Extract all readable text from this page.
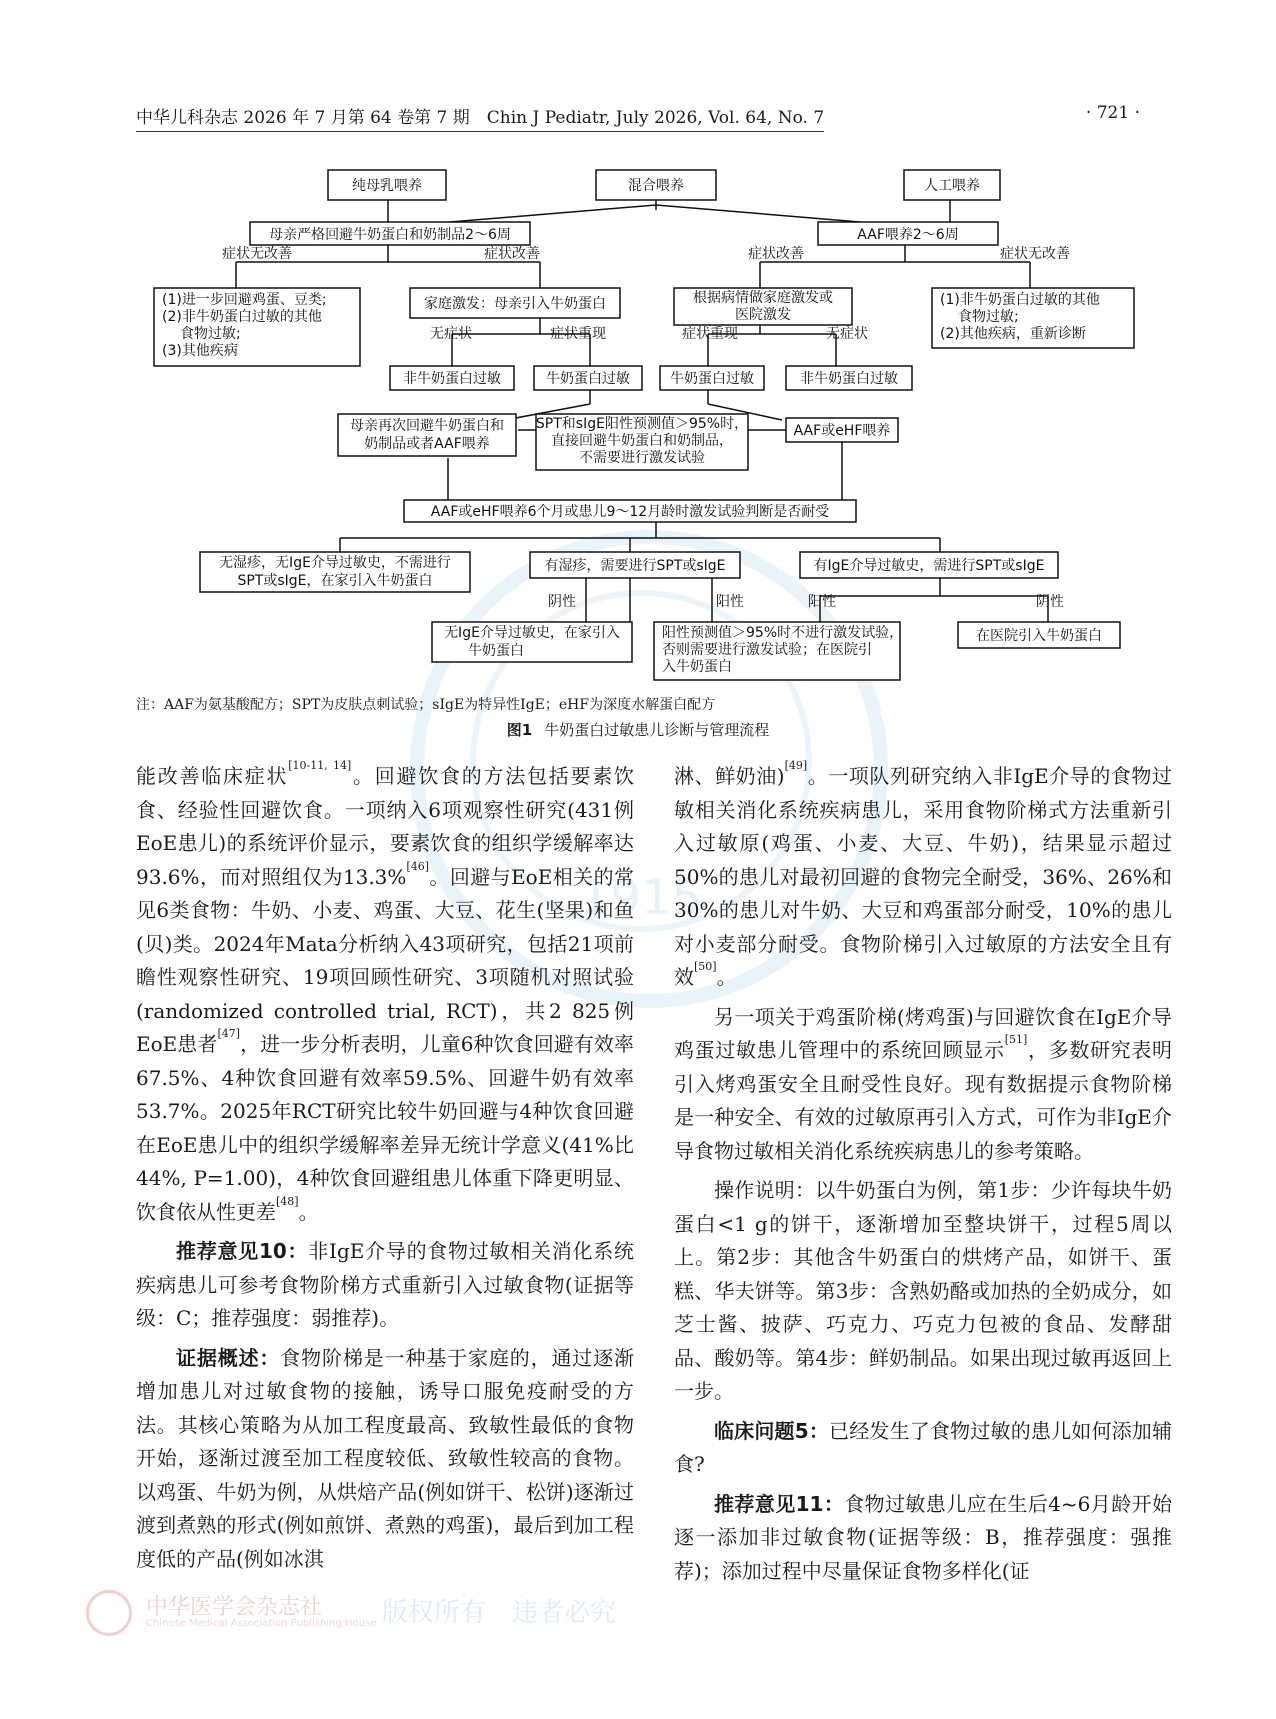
中华儿科杂志 2026 年 7 月第 64 卷第 7 期　Chin J Pediatr, July 2026, Vol. 64, No. 7	· 721 ·
1915
纯母乳喂养	混合喂养	人工喂养
母亲严格回避牛奶蛋白和奶制品2～6周	AAF喂养2～6周
症状无改善	症状改善	症状改善	症状无改善
(1)进一步回避鸡蛋、豆类;
(2)非牛奶蛋白过敏的其他
食物过敏;
(3)其他疾病
家庭激发：母亲引入牛奶蛋白	根据病情做家庭激发或
医院激发
(1)非牛奶蛋白过敏的其他
食物过敏;
(2)其他疾病，重新诊断
无症状	症状重现	症状重现	无症状
非牛奶蛋白过敏	牛奶蛋白过敏	牛奶蛋白过敏	非牛奶蛋白过敏
母亲再次回避牛奶蛋白和
奶制品或者AAF喂养
SPT和sIgE阳性预测值＞95%时，
直接回避牛奶蛋白和奶制品，
不需要进行激发试验
AAF或eHF喂养
AAF或eHF喂养6个月或患儿9～12月龄时激发试验判断是否耐受
无湿疹，无IgE介导过敏史，不需进行
SPT或sIgE，在家引入牛奶蛋白
有湿疹，需要进行SPT或sIgE	有IgE介导过敏史，需进行SPT或sIgE
阴性	阳性	阳性	阴性
无IgE介导过敏史，在家引入
牛奶蛋白
阳性预测值＞95%时不进行激发试验，
否则需要进行激发试验；在医院引
入牛奶蛋白
在医院引入牛奶蛋白
注：AAF为氨基酸配方；SPT为皮肤点刺试验；sIgE为特异性IgE；eHF为深度水解蛋白配方
图1 牛奶蛋白过敏患儿诊断与管理流程

能改善临床症状[10-11, 14]。回避饮食的方法包括要素饮食、经验性回避饮食。一项纳入6项观察性研究(431例EoE患儿)的系统评价显示，要素饮食的组织学缓解率达93.6%，而对照组仅为13.3%[46]。回避与EoE相关的常见6类食物：牛奶、小麦、鸡蛋、大豆、花生(坚果)和鱼(贝)类。2024年Mata分析纳入43项研究，包括21项前瞻性观察性研究、19项回顾性研究、3项随机对照试验(randomized controlled trial, RCT)，共2 825例EoE患者[47]，进一步分析表明，儿童6种饮食回避有效率67.5%、4种饮食回避有效率59.5%、回避牛奶有效率53.7%。2025年RCT研究比较牛奶回避与4种饮食回避在EoE患儿中的组织学缓解率差异无统计学意义(41%比44%, P=1.00)，4种饮食回避组患儿体重下降更明显、饮食依从性更差[48]。

推荐意见10：非IgE介导的食物过敏相关消化系统疾病患儿可参考食物阶梯方式重新引入过敏食物(证据等级：C；推荐强度：弱推荐)。

证据概述：食物阶梯是一种基于家庭的，通过逐渐增加患儿对过敏食物的接触，诱导口服免疫耐受的方法。其核心策略为从加工程度最高、致敏性最低的食物开始，逐渐过渡至加工程度较低、致敏性较高的食物。以鸡蛋、牛奶为例，从烘焙产品(例如饼干、松饼)逐渐过渡到煮熟的形式(例如煎饼、煮熟的鸡蛋)，最后到加工程度低的产品(例如冰淇

淋、鲜奶油)[49]。一项队列研究纳入非IgE介导的食物过敏相关消化系统疾病患儿，采用食物阶梯式方法重新引入过敏原(鸡蛋、小麦、大豆、牛奶)，结果显示超过50%的患儿对最初回避的食物完全耐受，36%、26%和30%的患儿对牛奶、大豆和鸡蛋部分耐受，10%的患儿对小麦部分耐受。食物阶梯引入过敏原的方法安全且有效[50]。

另一项关于鸡蛋阶梯(烤鸡蛋)与回避饮食在IgE介导鸡蛋过敏患儿管理中的系统回顾显示[51]，多数研究表明引入烤鸡蛋安全且耐受性良好。现有数据提示食物阶梯是一种安全、有效的过敏原再引入方式，可作为非IgE介导食物过敏相关消化系统疾病患儿的参考策略。

操作说明：以牛奶蛋白为例，第1步：少许每块牛奶蛋白<1 g的饼干，逐渐增加至整块饼干，过程5周以上。第2步：其他含牛奶蛋白的烘烤产品，如饼干、蛋糕、华夫饼等。第3步：含熟奶酪或加热的全奶成分，如芝士酱、披萨、巧克力、巧克力包被的食品、发酵甜品、酸奶等。第4步：鲜奶制品。如果出现过敏再返回上一步。

临床问题5：已经发生了食物过敏的患儿如何添加辅食?

推荐意见11：食物过敏患儿应在生后4~6月龄开始逐一添加非过敏食物(证据等级：B，推荐强度：强推荐)；添加过程中尽量保证食物多样化(证

中华医学会杂志社
Chinese Medical Association Publishing House 版权所有　违者必究
